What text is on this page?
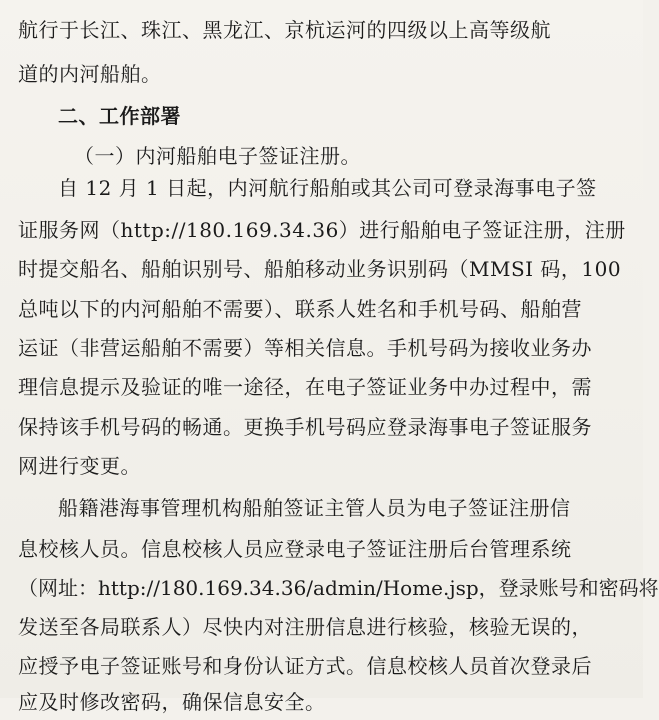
航行于长江、珠江、黑龙江、京杭运河的四级以上高等级航
道的内河船舶。
二、工作部署
（一）内河船舶电子签证注册。
自 12 月 1 日起，内河航行船舶或其公司可登录海事电子签
证服务网（http://180.169.34.36）进行船舶电子签证注册，注册
时提交船名、船舶识别号、船舶移动业务识别码（MMSI 码，100
总吨以下的内河船舶不需要）、联系人姓名和手机号码、船舶营
运证（非营运船舶不需要）等相关信息。手机号码为接收业务办
理信息提示及验证的唯一途径，在电子签证业务中办过程中，需
保持该手机号码的畅通。更换手机号码应登录海事电子签证服务
网进行变更。
船籍港海事管理机构船舶签证主管人员为电子签证注册信
息校核人员。信息校核人员应登录电子签证注册后台管理系统
（网址：http://180.169.34.36/admin/Home.jsp，登录账号和密码将
发送至各局联系人）尽快内对注册信息进行核验，核验无误的，
应授予电子签证账号和身份认证方式。信息校核人员首次登录后
应及时修改密码，确保信息安全。
